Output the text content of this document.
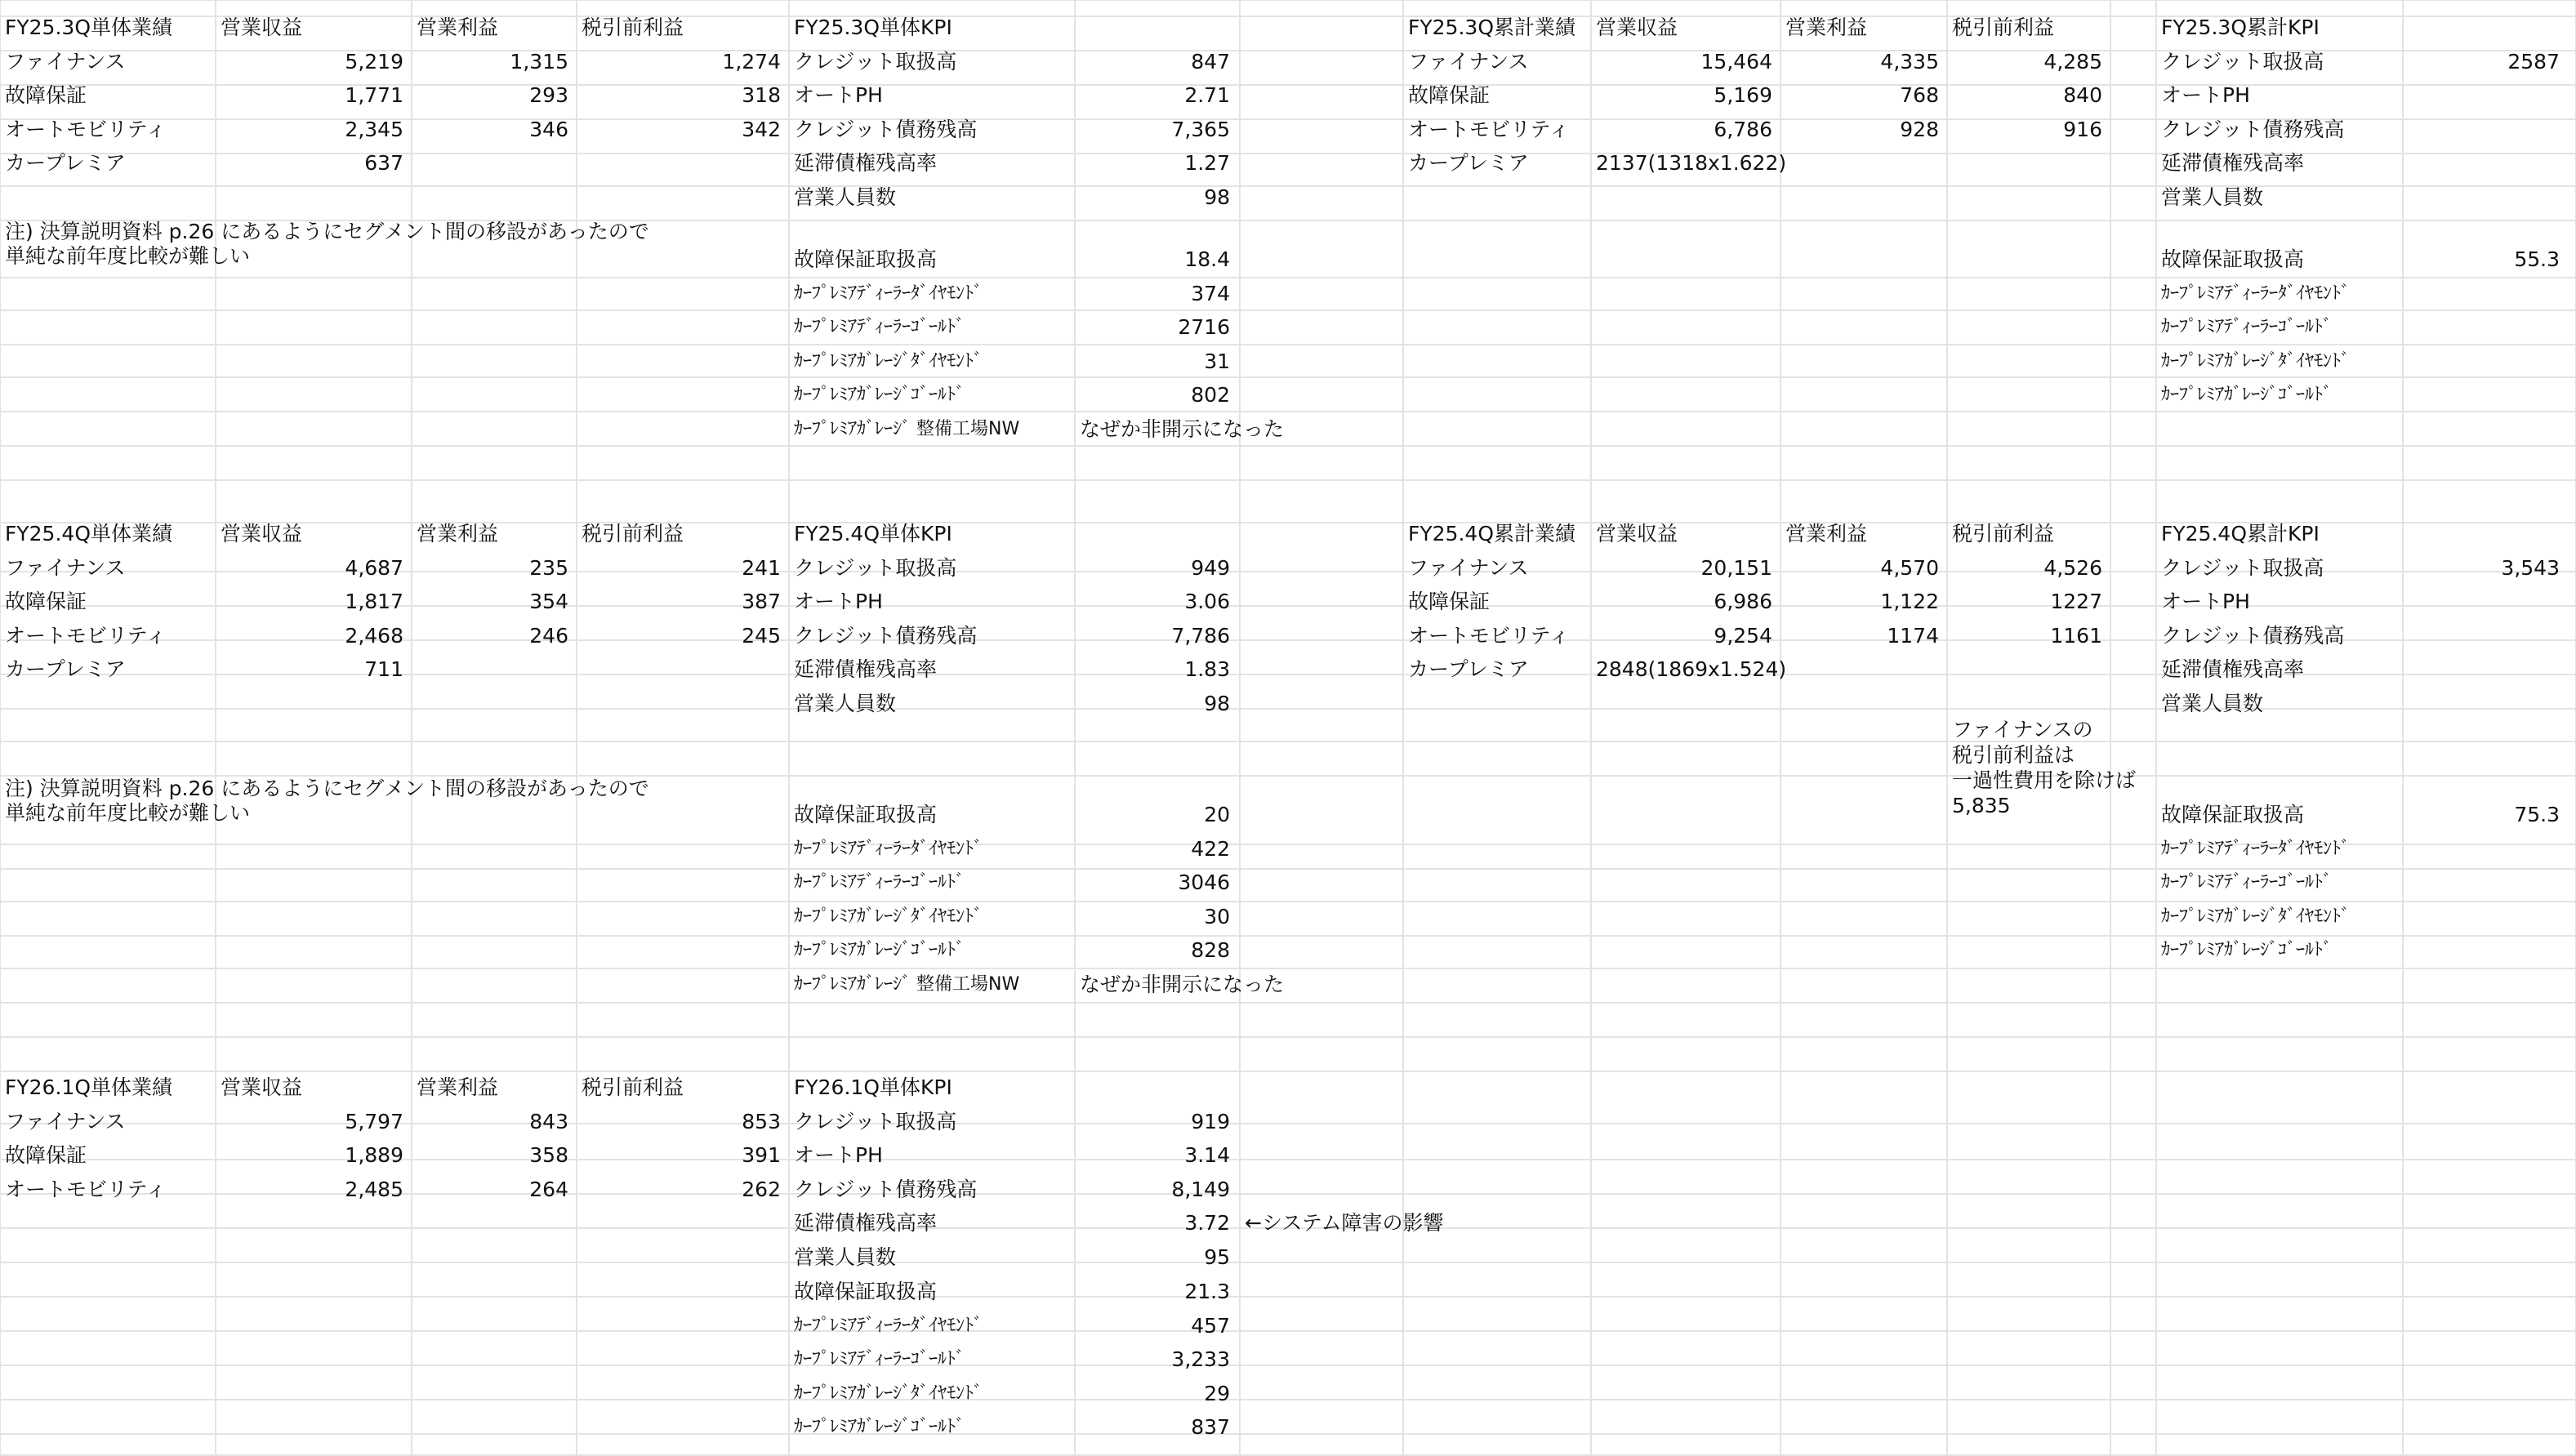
FY25.3Q単体業績	営業収益	営業利益	税引前利益
ファイナンス	5,219	1,315	1,274
故障保証	1,771	293	318
オートモビリティ	2,345	346	342
カープレミア	637
注) 決算説明資料 p.26 にあるようにセグメント間の移設があったので
単純な前年度比較が難しい
FY25.3Q単体KPI
クレジット取扱高	847
オートPH	2.71
クレジット債務残高	7,365
延滞債権残高率	1.27
営業人員数	98
故障保証取扱高	18.4
ｶｰﾌﾟﾚﾐｱﾃﾞｨｰﾗｰﾀﾞｲﾔﾓﾝﾄﾞ	374
ｶｰﾌﾟﾚﾐｱﾃﾞｨｰﾗｰｺﾞｰﾙﾄﾞ	2716
ｶｰﾌﾟﾚﾐｱｶﾞﾚｰｼﾞﾀﾞｲﾔﾓﾝﾄﾞ	31
ｶｰﾌﾟﾚﾐｱｶﾞﾚｰｼﾞｺﾞｰﾙﾄﾞ	802
ｶｰﾌﾟﾚﾐｱｶﾞﾚｰｼﾞ 整備工場NW	なぜか非開示になった
FY25.4Q単体業績	営業収益	営業利益	税引前利益
ファイナンス	4,687	235	241
故障保証	1,817	354	387
オートモビリティ	2,468	246	245
カープレミア	711
注) 決算説明資料 p.26 にあるようにセグメント間の移設があったので
単純な前年度比較が難しい
FY25.4Q単体KPI
クレジット取扱高	949
オートPH	3.06
クレジット債務残高	7,786
延滞債権残高率	1.83
営業人員数	98
故障保証取扱高	20
ｶｰﾌﾟﾚﾐｱﾃﾞｨｰﾗｰﾀﾞｲﾔﾓﾝﾄﾞ	422
ｶｰﾌﾟﾚﾐｱﾃﾞｨｰﾗｰｺﾞｰﾙﾄﾞ	3046
ｶｰﾌﾟﾚﾐｱｶﾞﾚｰｼﾞﾀﾞｲﾔﾓﾝﾄﾞ	30
ｶｰﾌﾟﾚﾐｱｶﾞﾚｰｼﾞｺﾞｰﾙﾄﾞ	828
ｶｰﾌﾟﾚﾐｱｶﾞﾚｰｼﾞ 整備工場NW	なぜか非開示になった
FY26.1Q単体業績	営業収益	営業利益	税引前利益
ファイナンス	5,797	843	853
故障保証	1,889	358	391
オートモビリティ	2,485	264	262
FY26.1Q単体KPI
クレジット取扱高	919
オートPH	3.14
クレジット債務残高	8,149
延滞債権残高率	3.72
営業人員数	95
故障保証取扱高	21.3
ｶｰﾌﾟﾚﾐｱﾃﾞｨｰﾗｰﾀﾞｲﾔﾓﾝﾄﾞ	457
ｶｰﾌﾟﾚﾐｱﾃﾞｨｰﾗｰｺﾞｰﾙﾄﾞ	3,233
ｶｰﾌﾟﾚﾐｱｶﾞﾚｰｼﾞﾀﾞｲﾔﾓﾝﾄﾞ	29
ｶｰﾌﾟﾚﾐｱｶﾞﾚｰｼﾞｺﾞｰﾙﾄﾞ	837
←システム障害の影響
FY25.3Q累計業績	営業収益	営業利益	税引前利益
ファイナンス	15,464	4,335	4,285
故障保証	5,169	768	840
オートモビリティ	6,786	928	916
カープレミア	2137(1318x1.622)
FY25.4Q累計業績	営業収益	営業利益	税引前利益
ファイナンス	20,151	4,570	4,526
故障保証	6,986	1,122	1227
オートモビリティ	9,254	1174	1161
カープレミア	2848(1869x1.524)
ファイナンスの
税引前利益は
一過性費用を除けば
5,835
FY25.3Q累計KPI
クレジット取扱高	2587
オートPH
クレジット債務残高
延滞債権残高率
営業人員数
故障保証取扱高	55.3
ｶｰﾌﾟﾚﾐｱﾃﾞｨｰﾗｰﾀﾞｲﾔﾓﾝﾄﾞ
ｶｰﾌﾟﾚﾐｱﾃﾞｨｰﾗｰｺﾞｰﾙﾄﾞ
ｶｰﾌﾟﾚﾐｱｶﾞﾚｰｼﾞﾀﾞｲﾔﾓﾝﾄﾞ
ｶｰﾌﾟﾚﾐｱｶﾞﾚｰｼﾞｺﾞｰﾙﾄﾞ
FY25.4Q累計KPI
クレジット取扱高	3,543
オートPH
クレジット債務残高
延滞債権残高率
営業人員数
故障保証取扱高	75.3
ｶｰﾌﾟﾚﾐｱﾃﾞｨｰﾗｰﾀﾞｲﾔﾓﾝﾄﾞ
ｶｰﾌﾟﾚﾐｱﾃﾞｨｰﾗｰｺﾞｰﾙﾄﾞ
ｶｰﾌﾟﾚﾐｱｶﾞﾚｰｼﾞﾀﾞｲﾔﾓﾝﾄﾞ
ｶｰﾌﾟﾚﾐｱｶﾞﾚｰｼﾞｺﾞｰﾙﾄﾞ
